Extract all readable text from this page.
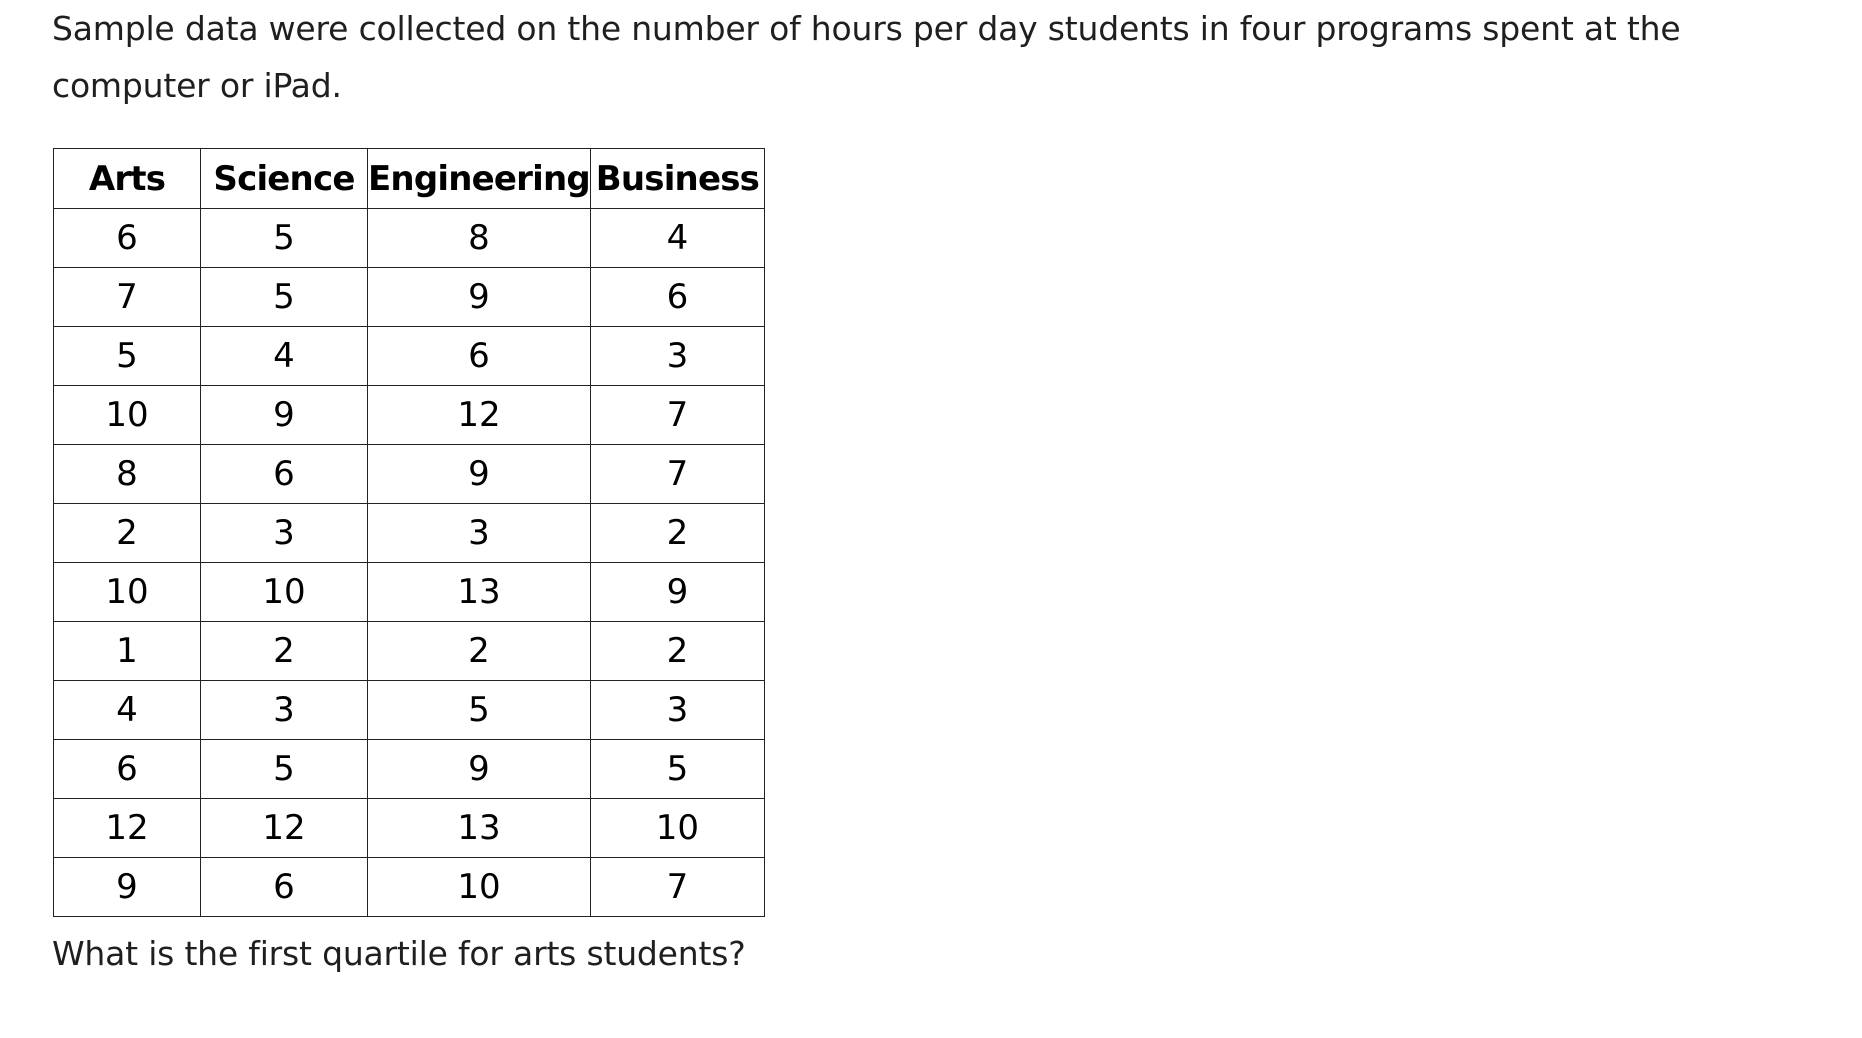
Sample data were collected on the number of hours per day students in four programs spent at the computer or iPad.
Arts	Science	Engineering	Business
6	5	8	4
7	5	9	6
5	4	6	3
10	9	12	7
8	6	9	7
2	3	3	2
10	10	13	9
1	2	2	2
4	3	5	3
6	5	9	5
12	12	13	10
9	6	10	7
What is the first quartile for arts students?
